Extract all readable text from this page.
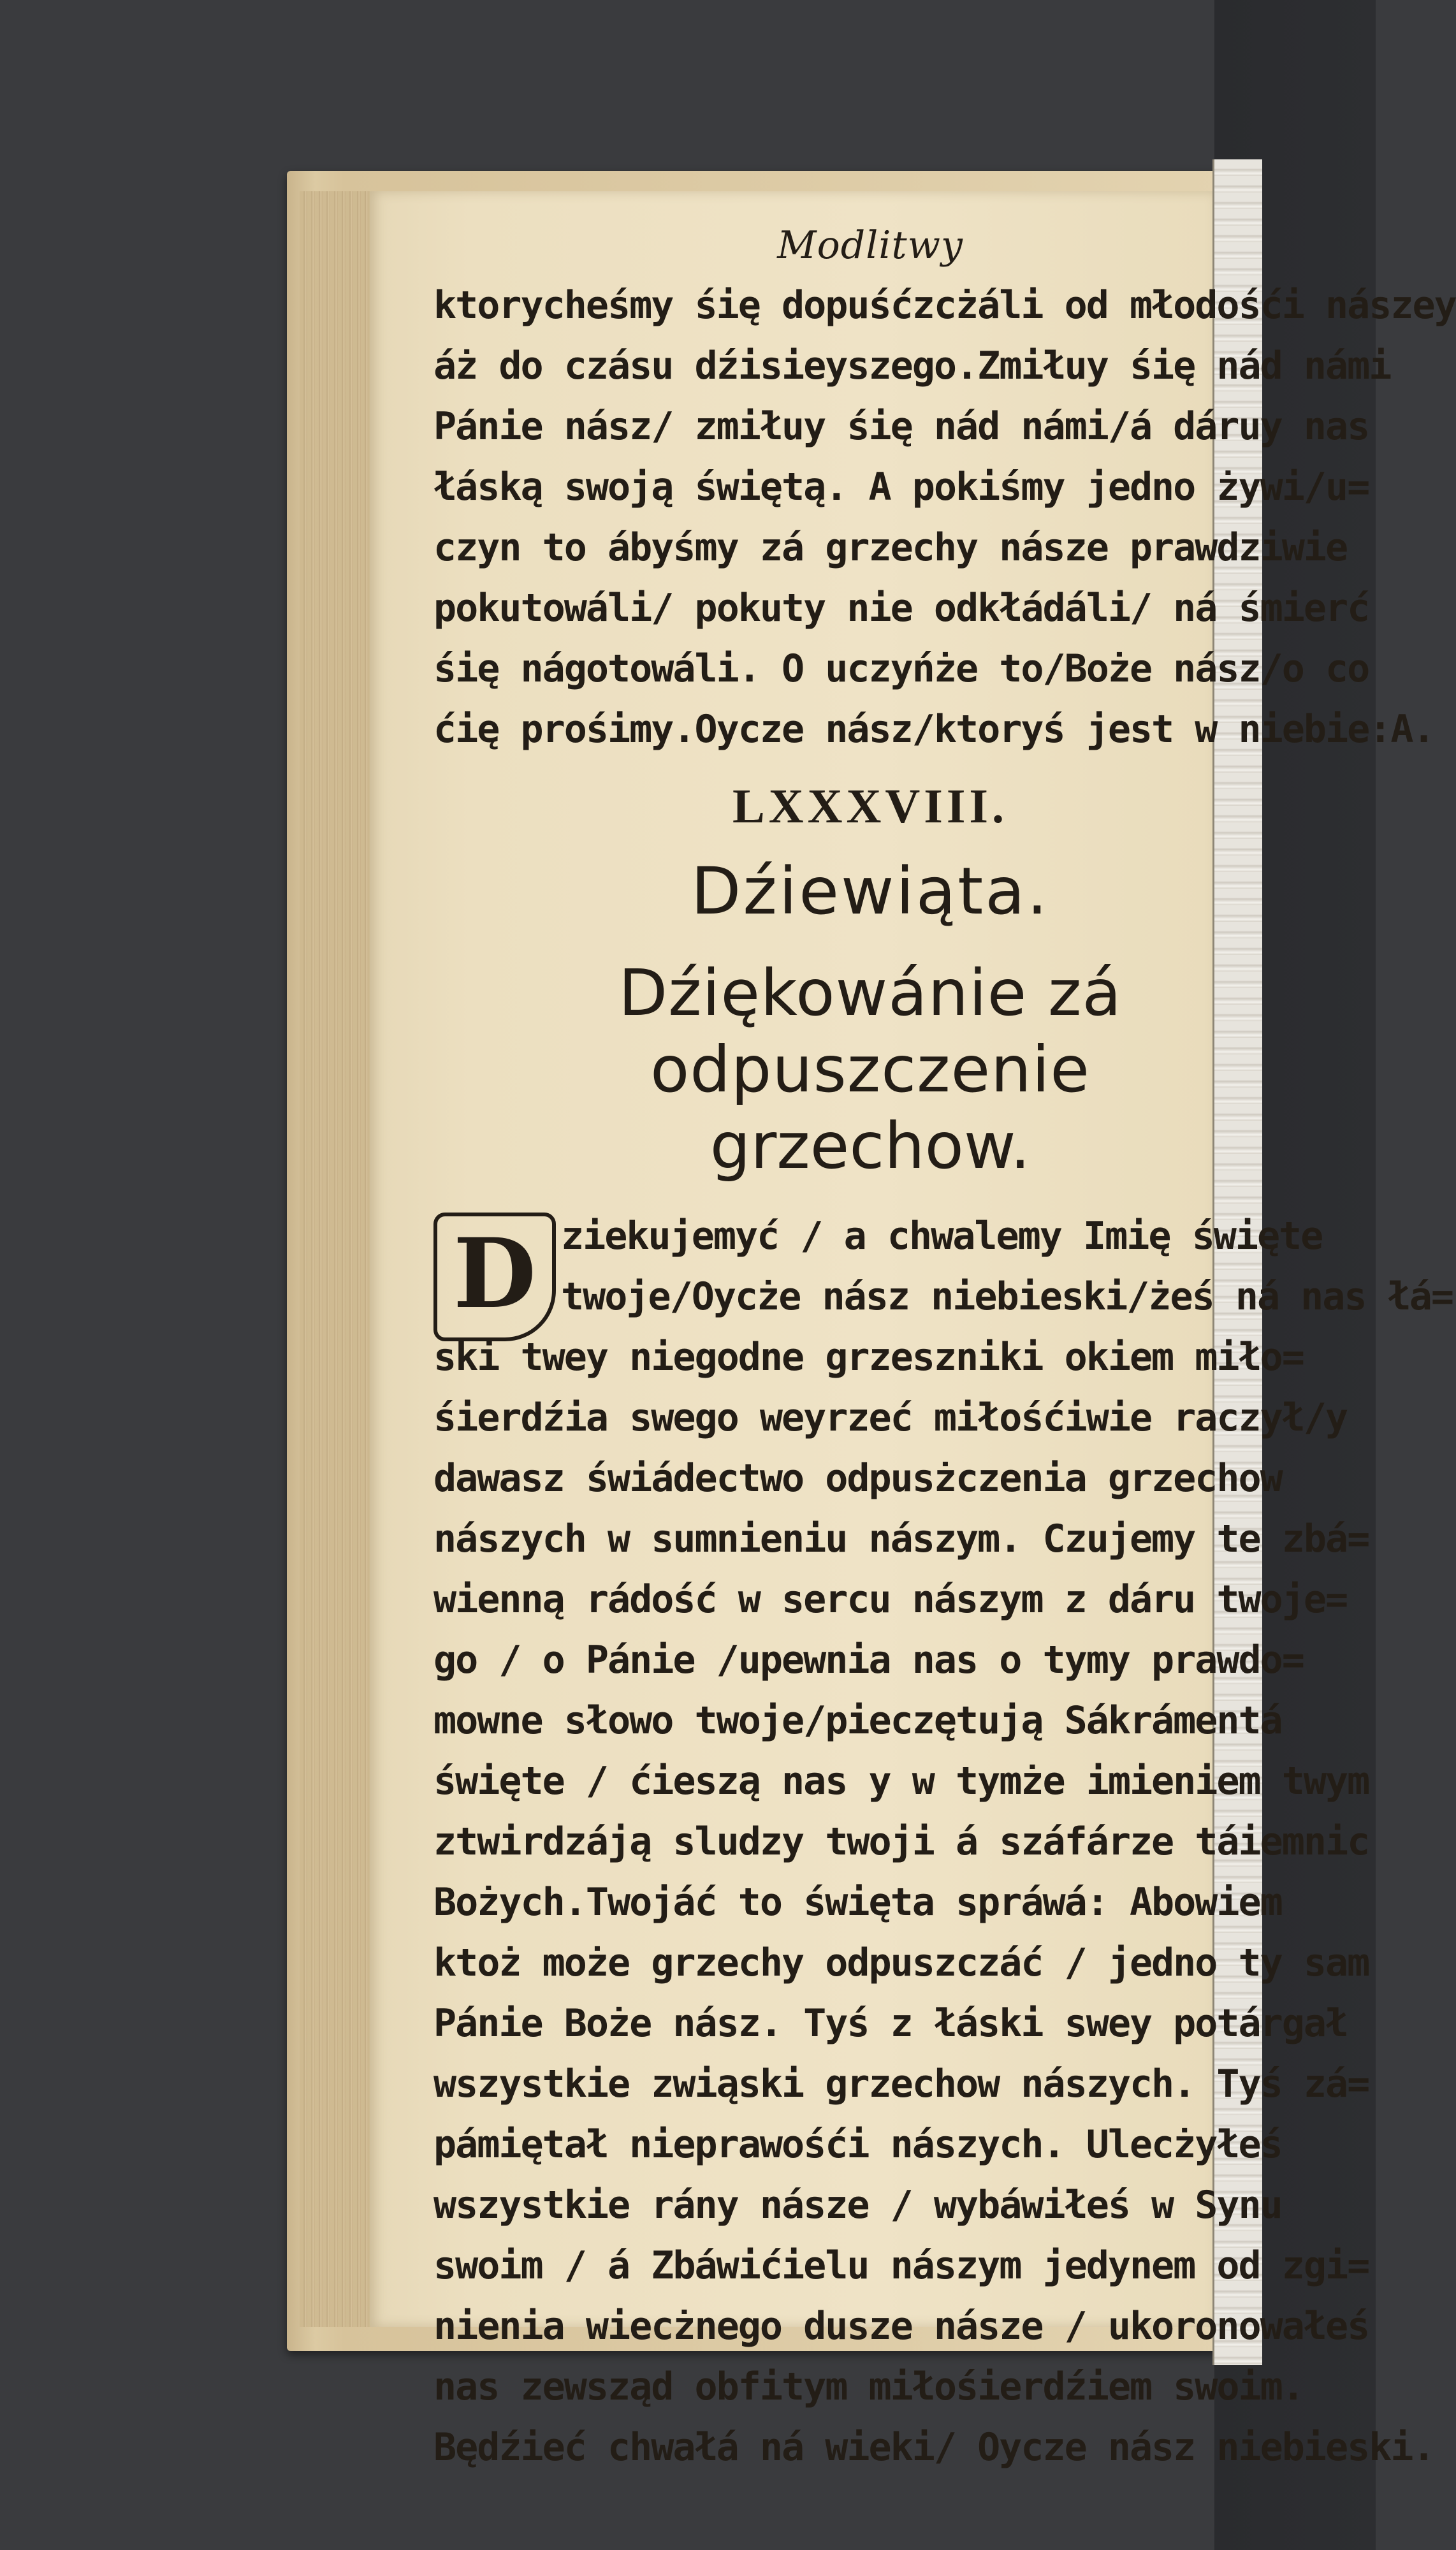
Modlitwy
ktorycheśmy śię dopuśćzcżáli od młodośći nászey
áż do czásu dźisieyszego.Zmiłuy śię nád námi
Pánie nász/ zmiłuy śię nád námi/á dáruy nas
łáską swoją świętą. A pokiśmy jedno żywi/u=
czyn to ábyśmy zá grzechy násze prawdziwie
pokutowáli/ pokuty nie odkłádáli/ ná śmierć
śię nágotowáli. O uczyńże to/Boże nász/o co
ćię prośimy.Oycze nász/ktoryś jest w niebie:A.
LXXXVIII.
Dźiewiąta.
Dźiękowánie zá odpuszczenie
grzechow.
D ziekujemyć / a chwalemy Imię święte
twoje/Oycże nász niebieski/żeś ná nas łá=
ski twey niegodne grzeszniki okiem miło=
śierdźia swego weyrzeć miłośćiwie raczył/y
dawasz świádectwo odpusżczenia grzechow
nászych w sumnieniu nászym. Czujemy te zbá=
wienną rádość w sercu nászym z dáru twoje=
go / o Pánie /upewnia nas o tymy prawdo=
mowne słowo twoje/pieczętują Sákrámentá
święte / ćieszą nas y w tymże imieniem twym
ztwirdzáją sludzy twoji á száfárze táiemnic
Bożych.Twojáć to święta spráwá: Abowiem
ktoż może grzechy odpuszczáć / jedno ty sam
Pánie Boże nász. Tyś z łáski swey potárgał
wszystkie zwiąski grzechow nászych. Tyś zá=
pámiętał nieprawośći nászych. Ulecżyłeś
wszystkie rány násze / wybáwiłeś w Synu
swoim / á Zbáwićielu nászym jedynem od zgi=
nienia wiecżnego dusze násze / ukoronowałeś
nas zewsząd obfitym miłośierdźiem swoim.
Będźieć chwałá ná wieki/ Oycze nász niebieski.
